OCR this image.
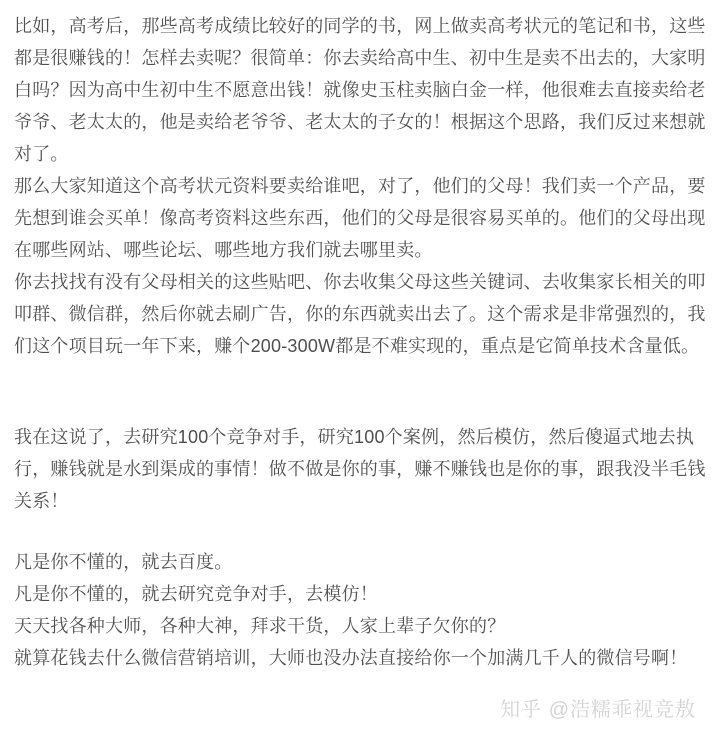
比如，高考后，那些高考成绩比较好的同学的书，网上做卖高考状元的笔记和书，这些
都是很赚钱的！怎样去卖呢？很简单：你去卖给高中生、初中生是卖不出去的，大家明
白吗？因为高中生初中生不愿意出钱！就像史玉柱卖脑白金一样，他很难去直接卖给老
爷爷、老太太的，他是卖给老爷爷、老太太的子女的！根据这个思路，我们反过来想就
对了。
那么大家知道这个高考状元资料要卖给谁吧，对了，他们的父母！我们卖一个产品，要
先想到谁会买单！像高考资料这些东西，他们的父母是很容易买单的。他们的父母出现
在哪些网站、哪些论坛、哪些地方我们就去哪里卖。
你去找找有没有父母相关的这些贴吧、你去收集父母这些关键词、去收集家长相关的叩
叩群、微信群，然后你就去刷广告，你的东西就卖出去了。这个需求是非常强烈的，我
们这个项目玩一年下来，赚个200-300W都是不难实现的，重点是它简单技术含量低。
我在这说了，去研究100个竞争对手，研究100个案例，然后模仿，然后傻逼式地去执
行，赚钱就是水到渠成的事情！做不做是你的事，赚不赚钱也是你的事，跟我没半毛钱
关系！
凡是你不懂的，就去百度。
凡是你不懂的，就去研究竞争对手，去模仿！
天天找各种大师，各种大神，拜求干货，人家上辈子欠你的？
就算花钱去什么微信营销培训，大师也没办法直接给你一个加满几千人的微信号啊！
知乎 @浩糯乖视竞敖
